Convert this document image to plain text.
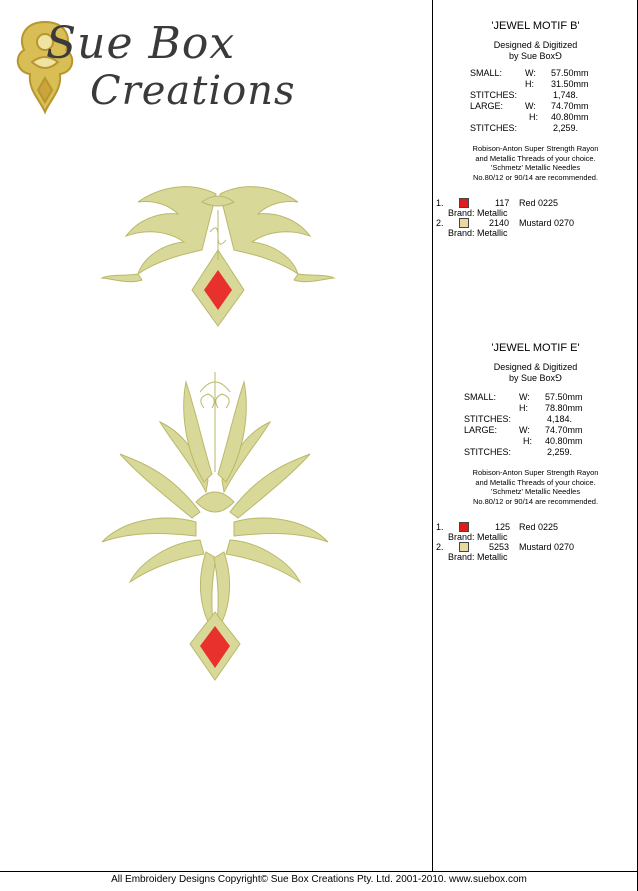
Sue Box
Creations
'JEWEL MOTIF B'
Designed & Digitized
by Sue Box⅁
SMALL:	W: 57.50mm
H: 31.50mm
STITCHES:	1,748.
LARGE: W: 74.70mm
H: 40.80mm
STITCHES:	2,259.
Robison-Anton Super Strength Rayon
and Metallic Threads of your choice.
'Schmetz' Metallic Needles
No.80/12 or 90/14 are recommended.
1.	117 Red 0225
Brand: Metallic
2.	2140 Mustard 0270
Brand: Metallic
'JEWEL MOTIF E'
Designed & Digitized
by Sue Box⅁
SMALL:	W: 57.50mm
H: 78.80mm
STITCHES:	4,184.
LARGE: W: 74.70mm
H: 40.80mm
STITCHES:	2,259.
Robison-Anton Super Strength Rayon
and Metallic Threads of your choice.
'Schmetz' Metallic Needles
No.80/12 or 90/14 are recommended.
1.	125 Red 0225
Brand: Metallic
2.	5253 Mustard 0270
Brand: Metallic
All Embroidery Designs Copyright© Sue Box Creations Pty. Ltd. 2001-2010. www.suebox.com
